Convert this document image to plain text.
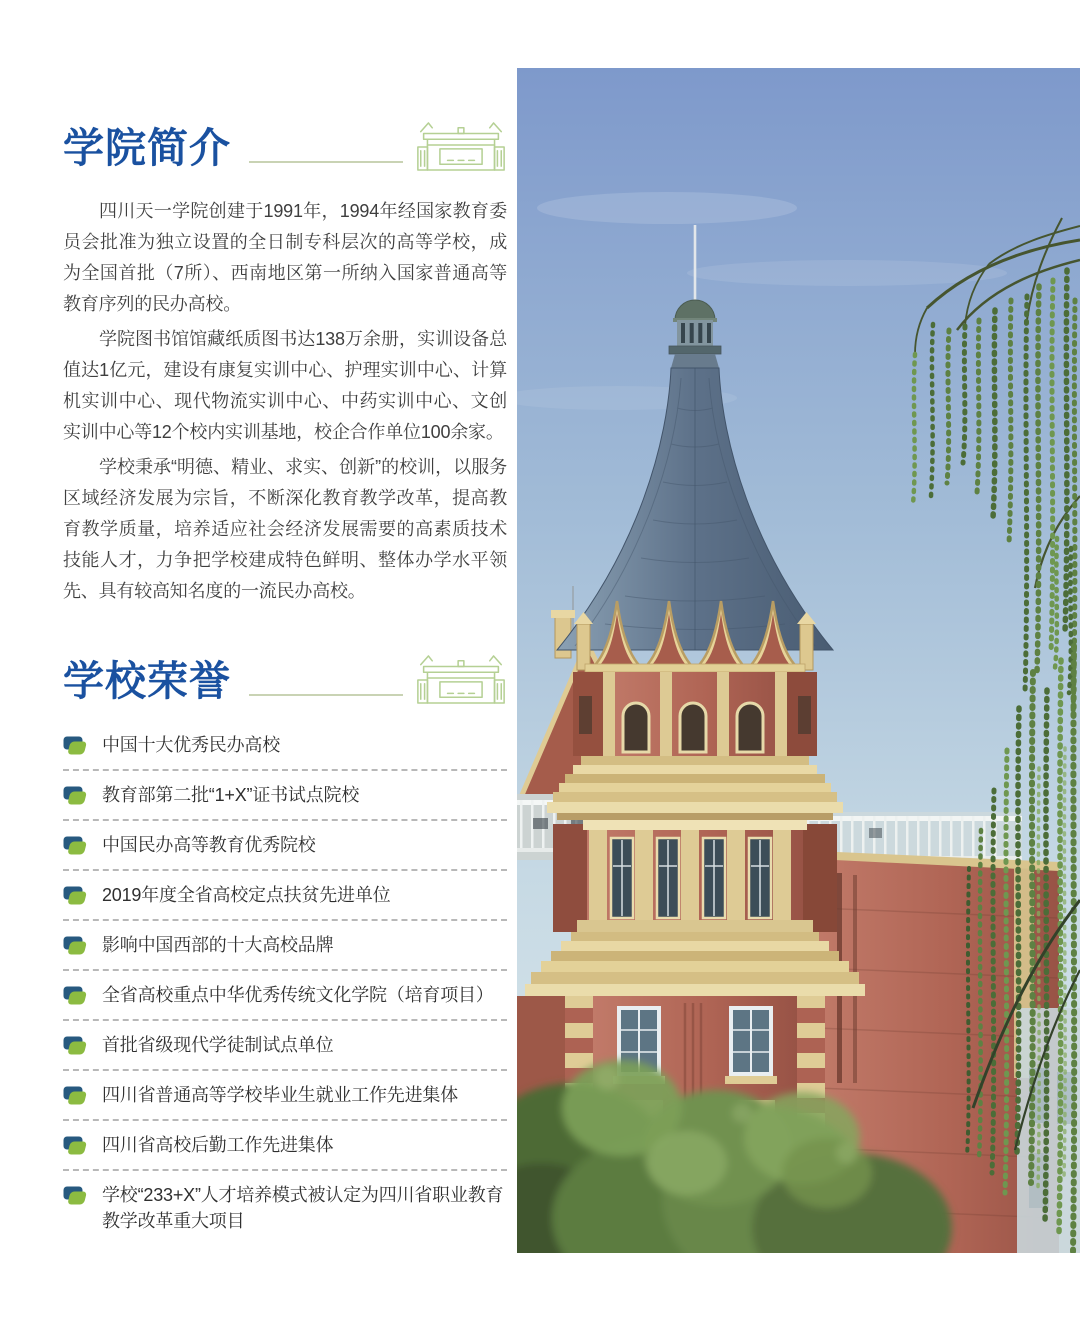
学院简介

四川天一学院创建于1991年，1994年经国家教育委员会批准为独立设置的全日制专科层次的高等学校，成为全国首批（7所）、西南地区第一所纳入国家普通高等教育序列的民办高校。

学院图书馆馆藏纸质图书达138万余册，实训设备总值达1亿元，建设有康复实训中心、护理实训中心、计算机实训中心、现代物流实训中心、中药实训中心、文创实训中心等12个校内实训基地，校企合作单位100余家。

学校秉承“明德、精业、求实、创新”的校训，以服务区域经济发展为宗旨，不断深化教育教学改革，提高教育教学质量，培养适应社会经济发展需要的高素质技术技能人才，力争把学校建成特色鲜明、整体办学水平领先、具有较高知名度的一流民办高校。

学校荣誉
中国十大优秀民办高校
教育部第二批“1+X”证书试点院校
中国民办高等教育优秀院校
2019年度全省高校定点扶贫先进单位
影响中国西部的十大高校品牌
全省高校重点中华优秀传统文化学院（培育项目）
首批省级现代学徒制试点单位
四川省普通高等学校毕业生就业工作先进集体
四川省高校后勤工作先进集体
学校“233+X”人才培养模式被认定为四川省职业教育教学改革重大项目
